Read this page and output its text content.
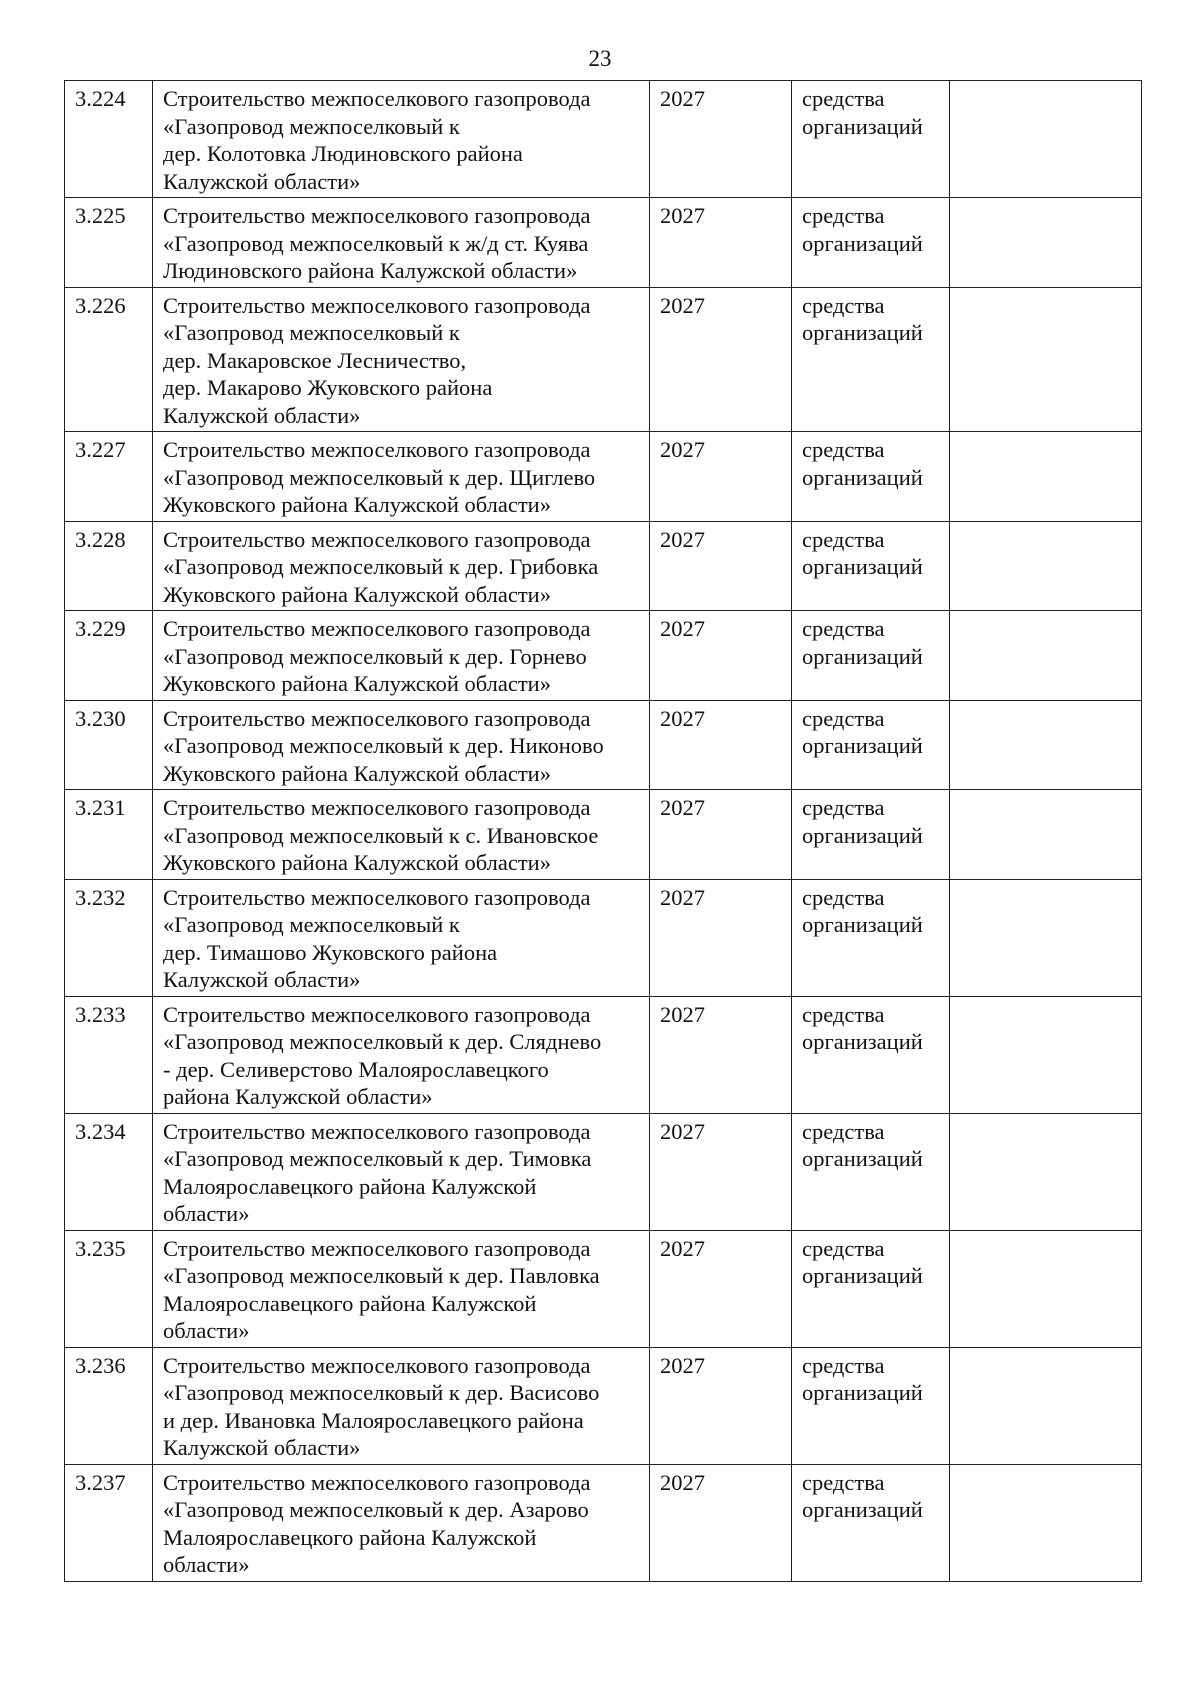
23
3.224	Строительство межпоселкового газопровода
«Газопровод межпоселковый к
дер. Колотовка Людиновского района
Калужской области»	2027	средства организаций	
3.225	Строительство межпоселкового газопровода
«Газопровод межпоселковый к ж/д ст. Куява
Людиновского района Калужской области»	2027	средства организаций	
3.226	Строительство межпоселкового газопровода
«Газопровод межпоселковый к
дер. Макаровское Лесничество,
дер. Макарово Жуковского района
Калужской области»	2027	средства организаций	
3.227	Строительство межпоселкового газопровода
«Газопровод межпоселковый к дер. Щиглево
Жуковского района Калужской области»	2027	средства организаций	
3.228	Строительство межпоселкового газопровода
«Газопровод межпоселковый к дер. Грибовка
Жуковского района Калужской области»	2027	средства организаций	
3.229	Строительство межпоселкового газопровода
«Газопровод межпоселковый к дер. Горнево
Жуковского района Калужской области»	2027	средства организаций	
3.230	Строительство межпоселкового газопровода
«Газопровод межпоселковый к дер. Никоново
Жуковского района Калужской области»	2027	средства организаций	
3.231	Строительство межпоселкового газопровода
«Газопровод межпоселковый к с. Ивановское
Жуковского района Калужской области»	2027	средства организаций	
3.232	Строительство межпоселкового газопровода
«Газопровод межпоселковый к
дер. Тимашово Жуковского района
Калужской области»	2027	средства организаций	
3.233	Строительство межпоселкового газопровода
«Газопровод межпоселковый к дер. Сляднево
- дер. Селиверстово Малоярославецкого
района Калужской области»	2027	средства организаций	
3.234	Строительство межпоселкового газопровода
«Газопровод межпоселковый к дер. Тимовка
Малоярославецкого района Калужской
области»	2027	средства организаций	
3.235	Строительство межпоселкового газопровода
«Газопровод межпоселковый к дер. Павловка
Малоярославецкого района Калужской
области»	2027	средства организаций	
3.236	Строительство межпоселкового газопровода
«Газопровод межпоселковый к дер. Васисово
и дер. Ивановка Малоярославецкого района
Калужской области»	2027	средства организаций	
3.237	Строительство межпоселкового газопровода
«Газопровод межпоселковый к дер. Азарово
Малоярославецкого района Калужской
области»	2027	средства организаций	
